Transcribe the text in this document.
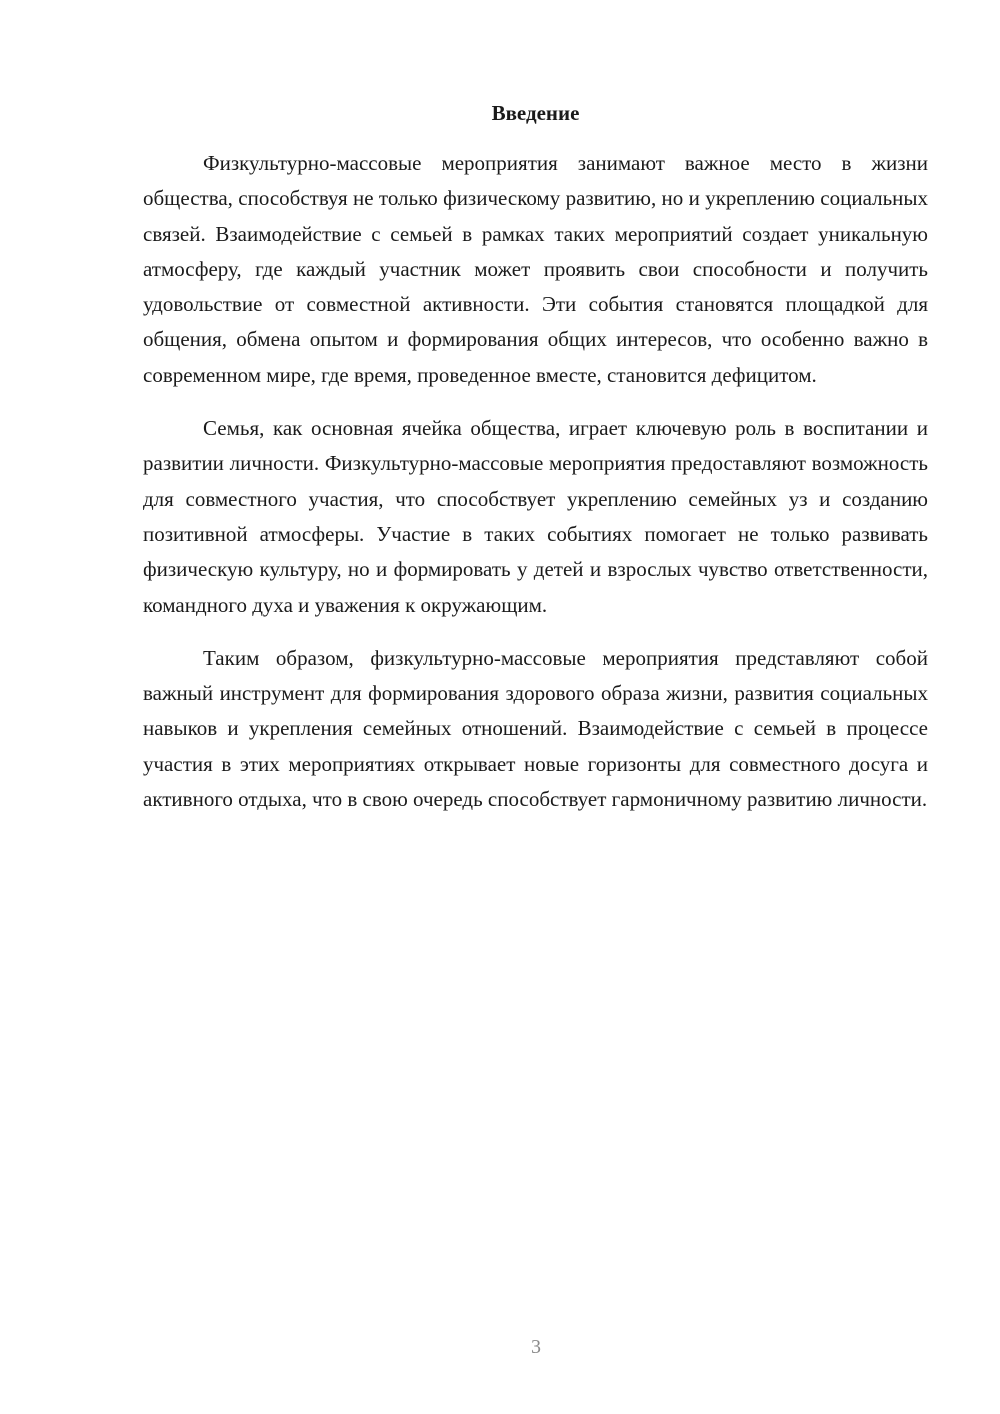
Введение

Физкультурно-массовые мероприятия занимают важное место в жизни общества, способствуя не только физическому развитию, но и укреплению социальных связей. Взаимодействие с семьей в рамках таких мероприятий создает уникальную атмосферу, где каждый участник может проявить свои способности и получить удовольствие от совместной активности. Эти события становятся площадкой для общения, обмена опытом и формирования общих интересов, что особенно важно в современном мире, где время, проведенное вместе, становится дефицитом.

Семья, как основная ячейка общества, играет ключевую роль в воспитании и развитии личности. Физкультурно-массовые мероприятия предоставляют возможность для совместного участия, что способствует укреплению семейных уз и созданию позитивной атмосферы. Участие в таких событиях помогает не только развивать физическую культуру, но и формировать у детей и взрослых чувство ответственности, командного духа и уважения к окружающим.

Таким образом, физкультурно-массовые мероприятия представляют собой важный инструмент для формирования здорового образа жизни, развития социальных навыков и укрепления семейных отношений. Взаимодействие с семьей в процессе участия в этих мероприятиях открывает новые горизонты для совместного досуга и активного отдыха, что в свою очередь способствует гармоничному развитию личности.

3
